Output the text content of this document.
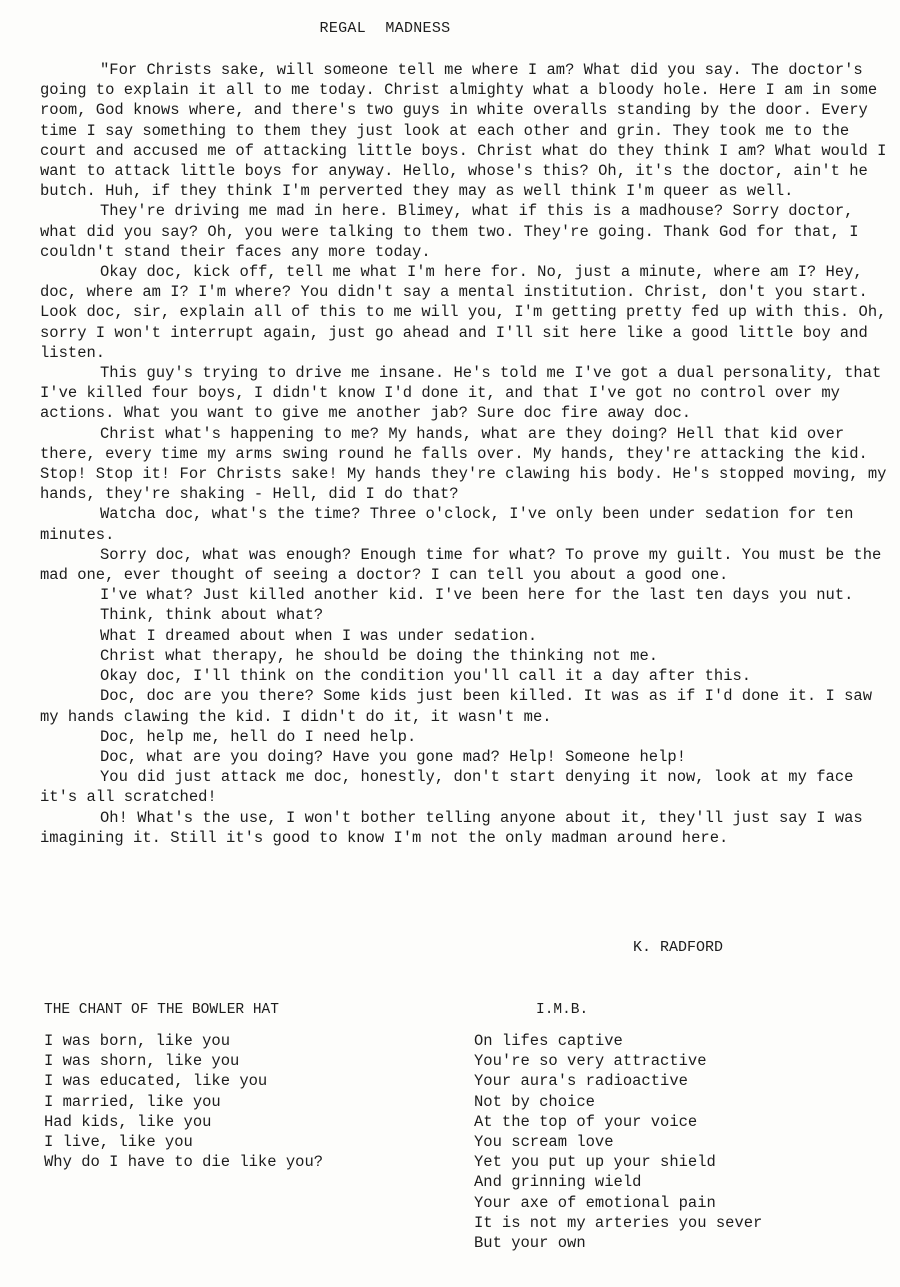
REGAL MADNESS

"For Christs sake, will someone tell me where I am? What did you say. The doctor's going to explain it all to me today. Christ almighty what a bloody hole. Here I am in some room, God knows where, and there's two guys in white overalls standing by the door. Every time I say something to them they just look at each other and grin. They took me to the court and accused me of attacking little boys. Christ what do they think I am? What would I want to attack little boys for anyway. Hello, whose's this? Oh, it's the doctor, ain't he butch. Huh, if they think I'm perverted they may as well think I'm queer as well.

They're driving me mad in here. Blimey, what if this is a madhouse? Sorry doctor, what did you say? Oh, you were talking to them two. They're going. Thank God for that, I couldn't stand their faces any more today.

Okay doc, kick off, tell me what I'm here for. No, just a minute, where am I? Hey, doc, where am I? I'm where? You didn't say a mental institution. Christ, don't you start. Look doc, sir, explain all of this to me will you, I'm getting pretty fed up with this. Oh, sorry I won't interrupt again, just go ahead and I'll sit here like a good little boy and listen.

This guy's trying to drive me insane. He's told me I've got a dual personality, that I've killed four boys, I didn't know I'd done it, and that I've got no control over my actions. What you want to give me another jab? Sure doc fire away doc.

Christ what's happening to me? My hands, what are they doing? Hell that kid over there, every time my arms swing round he falls over. My hands, they're attacking the kid. Stop! Stop it! For Christs sake! My hands they're clawing his body. He's stopped moving, my hands, they're shaking - Hell, did I do that?

Watcha doc, what's the time? Three o'clock, I've only been under sedation for ten minutes.

Sorry doc, what was enough? Enough time for what? To prove my guilt. You must be the mad one, ever thought of seeing a doctor? I can tell you about a good one.

I've what? Just killed another kid. I've been here for the last ten days you nut.

Think, think about what?

What I dreamed about when I was under sedation.

Christ what therapy, he should be doing the thinking not me.

Okay doc, I'll think on the condition you'll call it a day after this.

Doc, doc are you there? Some kids just been killed. It was as if I'd done it. I saw my hands clawing the kid. I didn't do it, it wasn't me.

Doc, help me, hell do I need help.

Doc, what are you doing? Have you gone mad? Help! Someone help!

You did just attack me doc, honestly, don't start denying it now, look at my face it's all scratched!

Oh! What's the use, I won't bother telling anyone about it, they'll just say I was imagining it. Still it's good to know I'm not the only madman around here.

K. RADFORD
THE CHANT OF THE BOWLER HAT
I was born, like you
I was shorn, like you
I was educated, like you
I married, like you
Had kids, like you
I live, like you
Why do I have to die like you?
I.M.B.
On lifes captive
You're so very attractive
Your aura's radioactive
Not by choice
At the top of your voice
You scream love
Yet you put up your shield
And grinning wield
Your axe of emotional pain
It is not my arteries you sever
But your own
